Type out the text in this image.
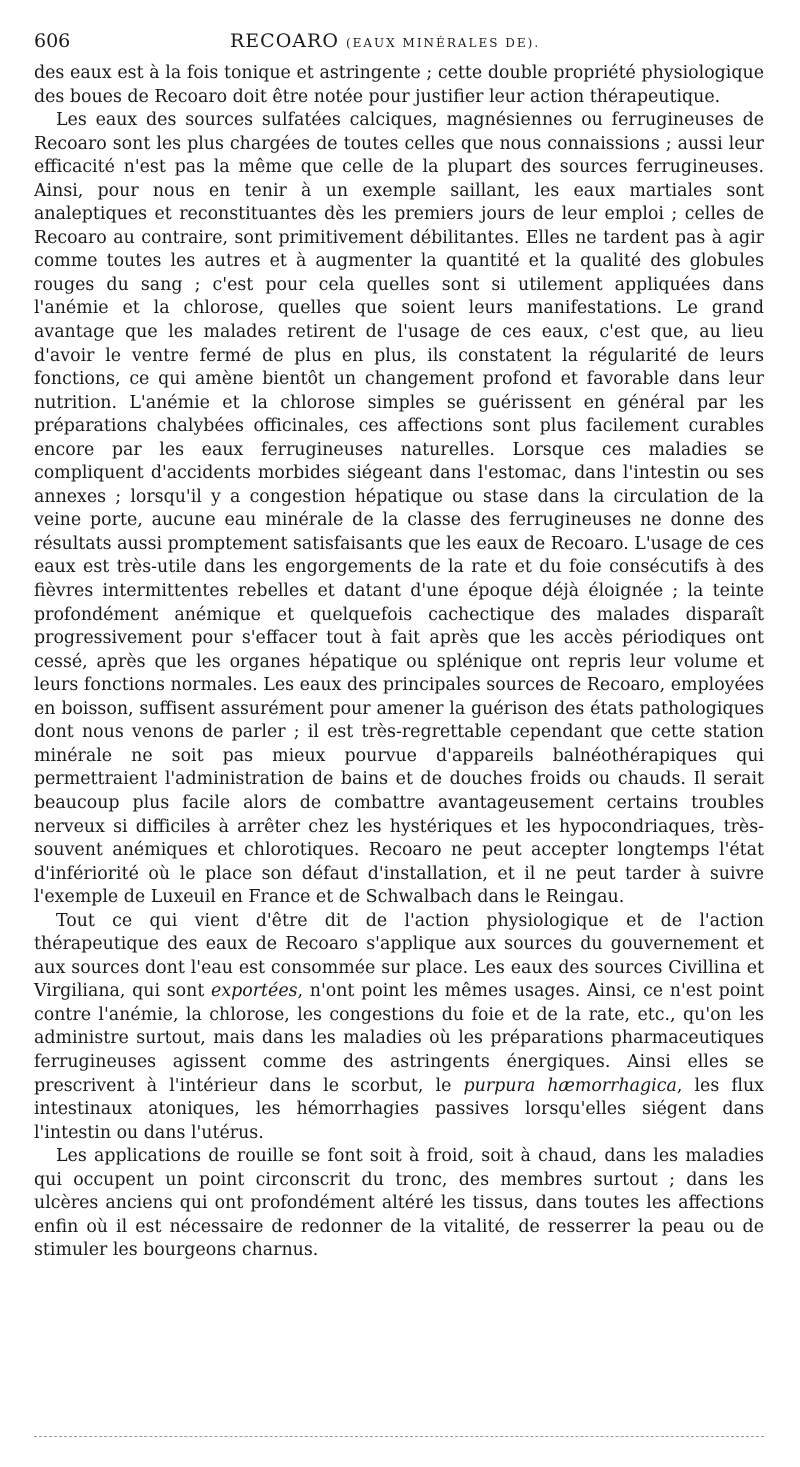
606	RECOARO (EAUX MINÉRALES DE).

des eaux est à la fois tonique et astringente ; cette double propriété physiologique des boues de Recoaro doit être notée pour justifier leur action thérapeutique.

Les eaux des sources sulfatées calciques, magnésiennes ou ferrugineuses de Recoaro sont les plus chargées de toutes celles que nous connaissions ; aussi leur efficacité n'est pas la même que celle de la plupart des sources ferrugineuses. Ainsi, pour nous en tenir à un exemple saillant, les eaux martiales sont analeptiques et reconstituantes dès les premiers jours de leur emploi ; celles de Recoaro au contraire, sont primitivement débilitantes. Elles ne tardent pas à agir comme toutes les autres et à augmenter la quantité et la qualité des globules rouges du sang ; c'est pour cela quelles sont si utilement appliquées dans l'anémie et la chlorose, quelles que soient leurs manifestations. Le grand avantage que les malades retirent de l'usage de ces eaux, c'est que, au lieu d'avoir le ventre fermé de plus en plus, ils constatent la régularité de leurs fonctions, ce qui amène bientôt un changement profond et favorable dans leur nutrition. L'anémie et la chlorose simples se guérissent en général par les préparations chalybées officinales, ces affections sont plus facilement curables encore par les eaux ferrugineuses naturelles. Lorsque ces maladies se compliquent d'accidents morbides siégeant dans l'estomac, dans l'intestin ou ses annexes ; lorsqu'il y a congestion hépatique ou stase dans la circulation de la veine porte, aucune eau minérale de la classe des ferrugineuses ne donne des résultats aussi promptement satisfaisants que les eaux de Recoaro. L'usage de ces eaux est très-utile dans les engorgements de la rate et du foie consécutifs à des fièvres intermittentes rebelles et datant d'une époque déjà éloignée ; la teinte profondément anémique et quelquefois cachectique des malades disparaît progressivement pour s'effacer tout à fait après que les accès périodiques ont cessé, après que les organes hépatique ou splénique ont repris leur volume et leurs fonctions normales. Les eaux des principales sources de Recoaro, employées en boisson, suffisent assurément pour amener la guérison des états pathologiques dont nous venons de parler ; il est très-regrettable cependant que cette station minérale ne soit pas mieux pourvue d'appareils balnéothérapiques qui permettraient l'administration de bains et de douches froids ou chauds. Il serait beaucoup plus facile alors de combattre avantageusement certains troubles nerveux si difficiles à arrêter chez les hystériques et les hypocondriaques, très-souvent anémiques et chlorotiques. Recoaro ne peut accepter longtemps l'état d'infériorité où le place son défaut d'installation, et il ne peut tarder à suivre l'exemple de Luxeuil en France et de Schwalbach dans le Reingau.

Tout ce qui vient d'être dit de l'action physiologique et de l'action thérapeutique des eaux de Recoaro s'applique aux sources du gouvernement et aux sources dont l'eau est consommée sur place. Les eaux des sources Civillina et Virgiliana, qui sont exportées, n'ont point les mêmes usages. Ainsi, ce n'est point contre l'anémie, la chlorose, les congestions du foie et de la rate, etc., qu'on les administre surtout, mais dans les maladies où les préparations pharmaceutiques ferrugineuses agissent comme des astringents énergiques. Ainsi elles se prescrivent à l'intérieur dans le scorbut, le purpura hæmorrhagica, les flux intestinaux atoniques, les hémorrhagies passives lorsqu'elles siégent dans l'intestin ou dans l'utérus.

Les applications de rouille se font soit à froid, soit à chaud, dans les maladies qui occupent un point circonscrit du tronc, des membres surtout ; dans les ulcères anciens qui ont profondément altéré les tissus, dans toutes les affections enfin où il est nécessaire de redonner de la vitalité, de resserrer la peau ou de stimuler les bourgeons charnus.
